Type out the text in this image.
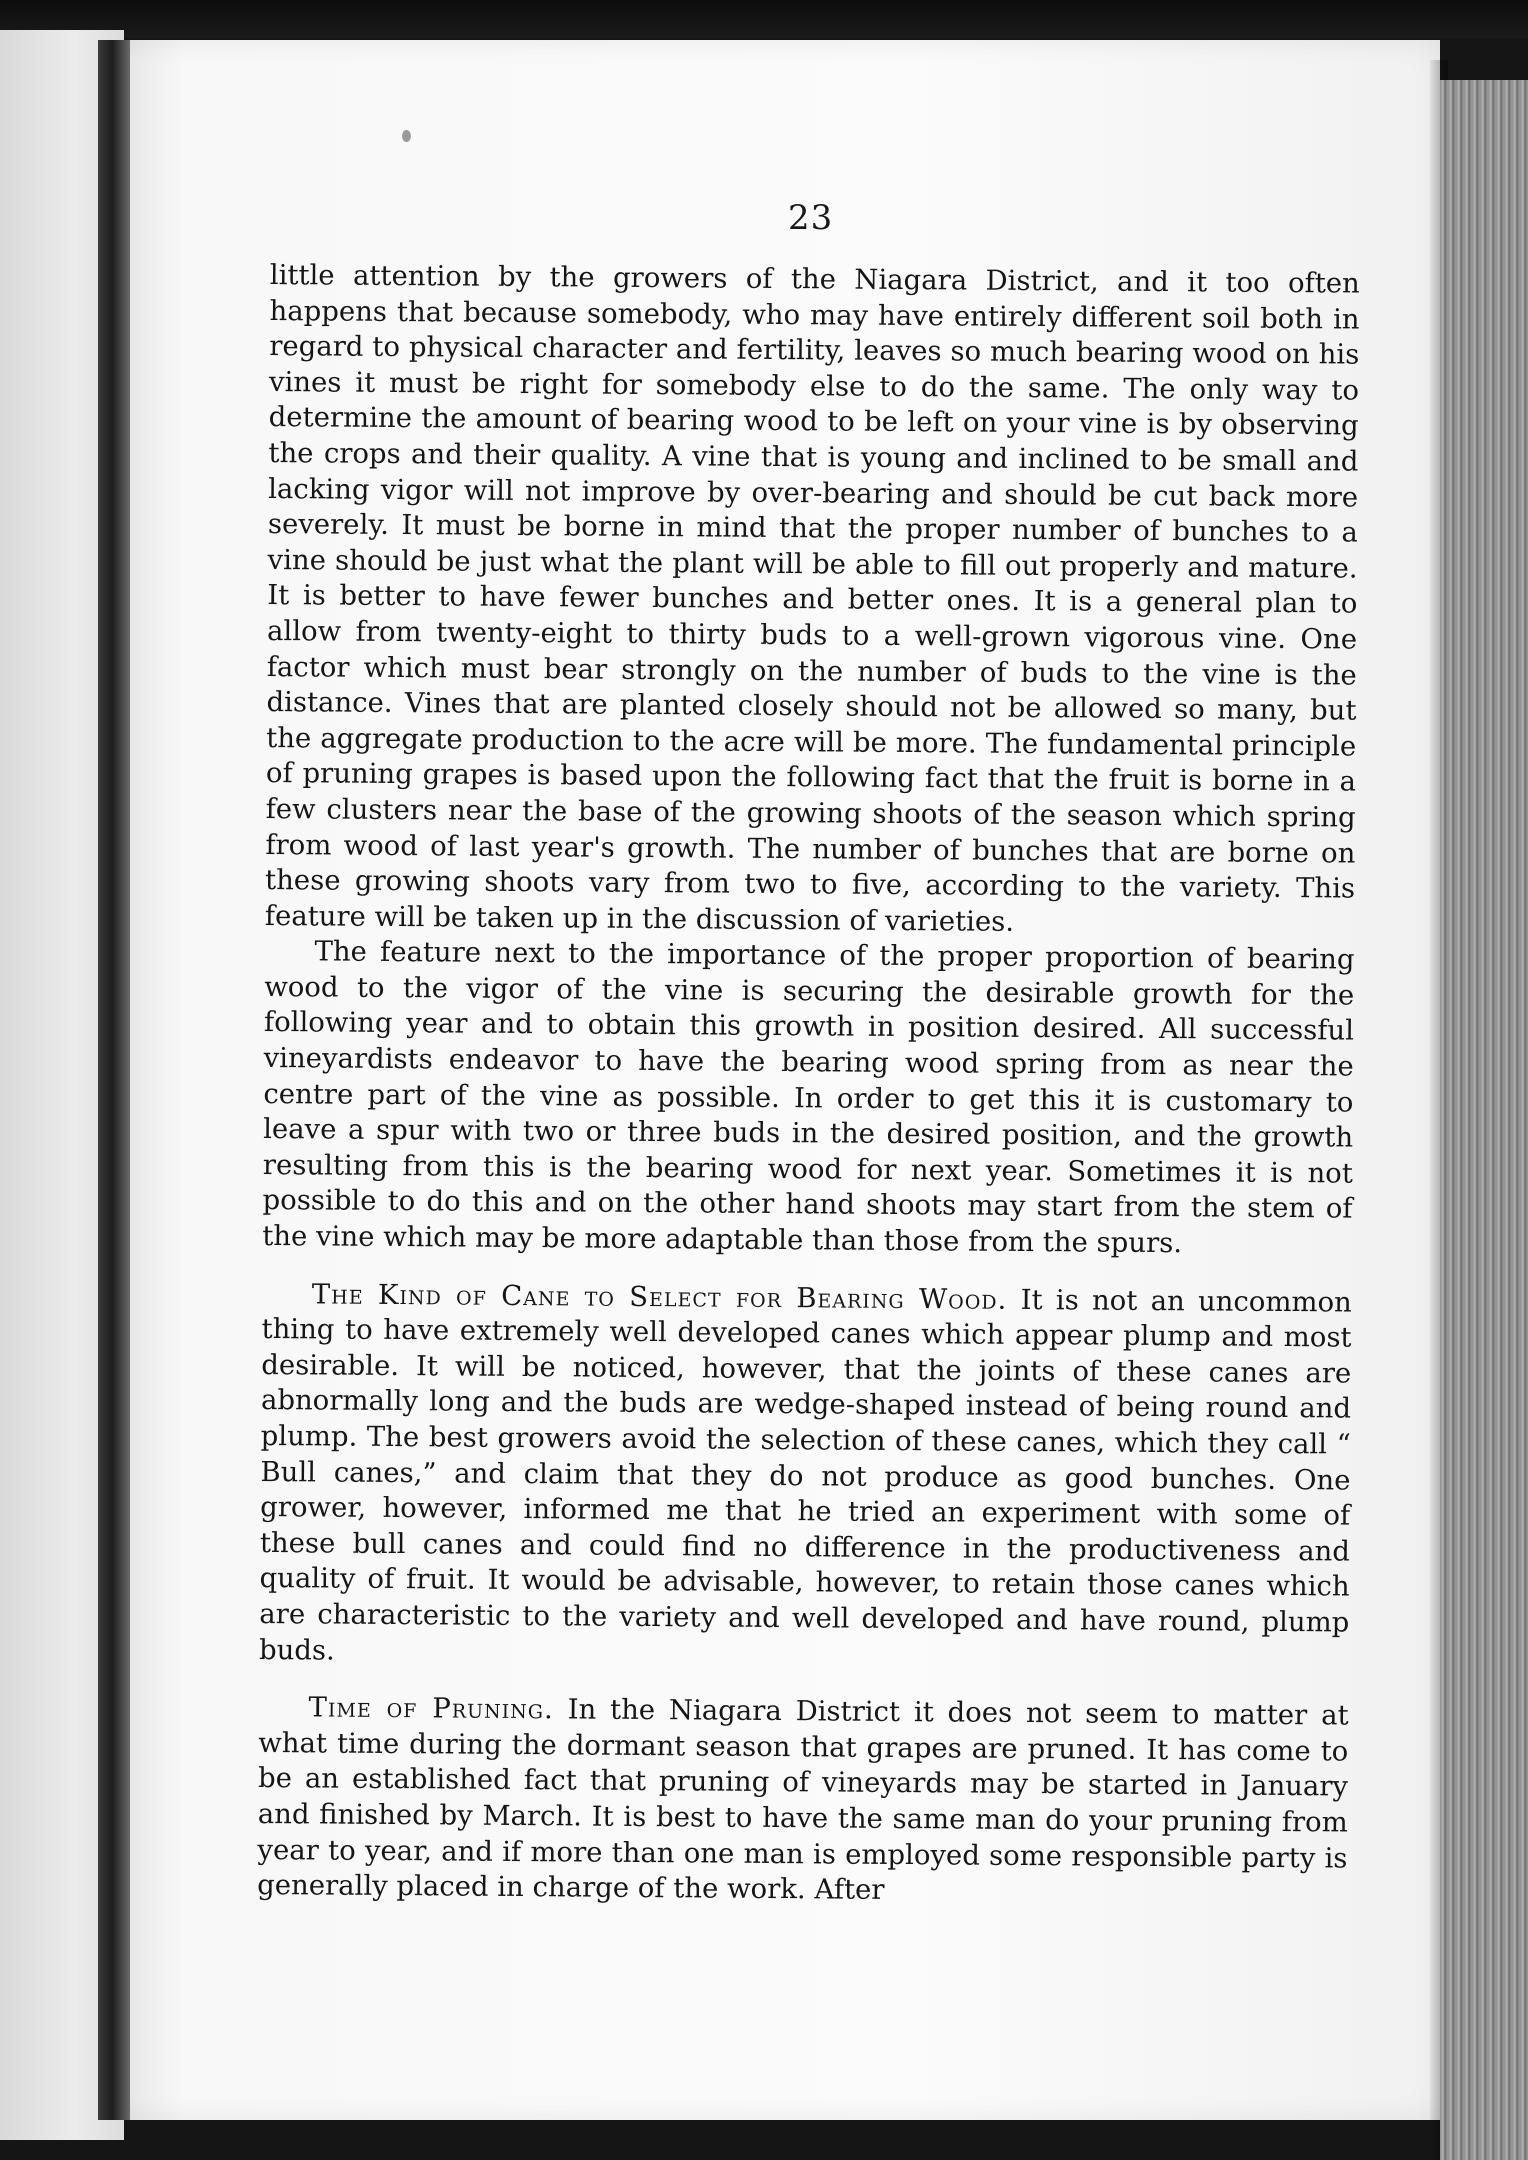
23

little attention by the growers of the Niagara District, and it too often happens that because somebody, who may have entirely different soil both in regard to physical character and fertility, leaves so much bearing wood on his vines it must be right for somebody else to do the same. The only way to determine the amount of bearing wood to be left on your vine is by observing the crops and their quality. A vine that is young and inclined to be small and lacking vigor will not improve by over-bearing and should be cut back more severely. It must be borne in mind that the proper number of bunches to a vine should be just what the plant will be able to fill out properly and mature. It is better to have fewer bunches and better ones. It is a general plan to allow from twenty-eight to thirty buds to a well-grown vigorous vine. One factor which must bear strongly on the number of buds to the vine is the distance. Vines that are planted closely should not be allowed so many, but the aggregate production to the acre will be more. The fundamental principle of pruning grapes is based upon the following fact that the fruit is borne in a few clusters near the base of the growing shoots of the season which spring from wood of last year's growth. The number of bunches that are borne on these growing shoots vary from two to five, according to the variety. This feature will be taken up in the discussion of varieties.

The feature next to the importance of the proper proportion of bearing wood to the vigor of the vine is securing the desirable growth for the following year and to obtain this growth in position desired. All successful vineyardists endeavor to have the bearing wood spring from as near the centre part of the vine as possible. In order to get this it is customary to leave a spur with two or three buds in the desired position, and the growth resulting from this is the bearing wood for next year. Sometimes it is not possible to do this and on the other hand shoots may start from the stem of the vine which may be more adaptable than those from the spurs.

The Kind of Cane to Select for Bearing Wood. It is not an uncommon thing to have extremely well developed canes which appear plump and most desirable. It will be noticed, however, that the joints of these canes are abnormally long and the buds are wedge-shaped instead of being round and plump. The best growers avoid the selection of these canes, which they call “ Bull canes,” and claim that they do not produce as good bunches. One grower, however, informed me that he tried an experiment with some of these bull canes and could find no difference in the productiveness and quality of fruit. It would be advisable, however, to retain those canes which are characteristic to the variety and well developed and have round, plump buds.

Time of Pruning. In the Niagara District it does not seem to matter at what time during the dormant season that grapes are pruned. It has come to be an established fact that pruning of vineyards may be started in January and finished by March. It is best to have the same man do your pruning from year to year, and if more than one man is employed some responsible party is generally placed in charge of the work. After
